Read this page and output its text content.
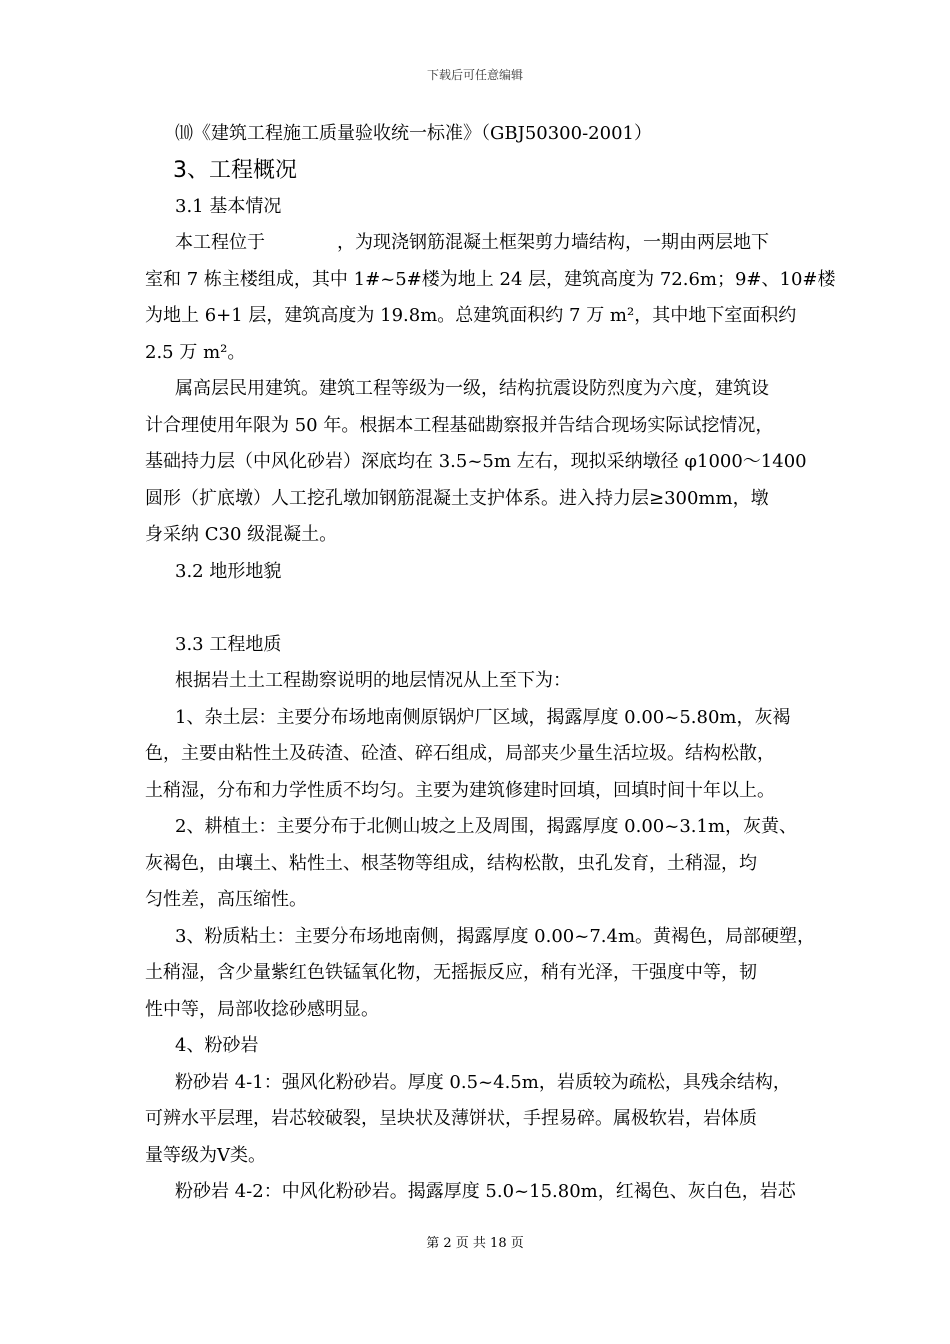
下载后可任意编辑
⑽《建筑工程施工质量验收统一标准》（GBJ50300-2001）
3、工程概况
3.1 基本情况
本工程位于　　　　，为现浇钢筋混凝土框架剪力墙结构，一期由两层地下
室和 7 栋主楼组成，其中 1#~5#楼为地上 24 层，建筑高度为 72.6m；9#、10#楼
为地上 6+1 层，建筑高度为 19.8m。总建筑面积约 7 万 m²，其中地下室面积约
2.5 万 m²。
属高层民用建筑。建筑工程等级为一级，结构抗震设防烈度为六度，建筑设
计合理使用年限为 50 年。根据本工程基础勘察报并告结合现场实际试挖情况，
基础持力层（中风化砂岩）深底均在 3.5~5m 左右，现拟采纳墩径 φ1000～1400
圆形（扩底墩）人工挖孔墩加钢筋混凝土支护体系。进入持力层≥300mm，墩
身采纳 C30 级混凝土。
3.2 地形地貌
3.3 工程地质
根据岩土土工程勘察说明的地层情况从上至下为：
1、杂土层：主要分布场地南侧原锅炉厂区域，揭露厚度 0.00~5.80m，灰褐
色，主要由粘性土及砖渣、砼渣、碎石组成，局部夹少量生活垃圾。结构松散，
土稍湿，分布和力学性质不均匀。主要为建筑修建时回填，回填时间十年以上。
2、耕植土：主要分布于北侧山坡之上及周围，揭露厚度 0.00~3.1m，灰黄、
灰褐色，由壤土、粘性土、根茎物等组成，结构松散，虫孔发育，土稍湿，均
匀性差，高压缩性。
3、粉质粘土：主要分布场地南侧，揭露厚度 0.00~7.4m。黄褐色，局部硬塑，
土稍湿，含少量紫红色铁锰氧化物，无摇振反应，稍有光泽，干强度中等，韧
性中等，局部收捻砂感明显。
4、粉砂岩
粉砂岩 4-1：强风化粉砂岩。厚度 0.5~4.5m，岩质较为疏松，具残余结构，
可辨水平层理，岩芯较破裂，呈块状及薄饼状，手捏易碎。属极软岩，岩体质
量等级为Ⅴ类。
粉砂岩 4-2：中风化粉砂岩。揭露厚度 5.0~15.80m，红褐色、灰白色，岩芯
第 2 页 共 18 页
